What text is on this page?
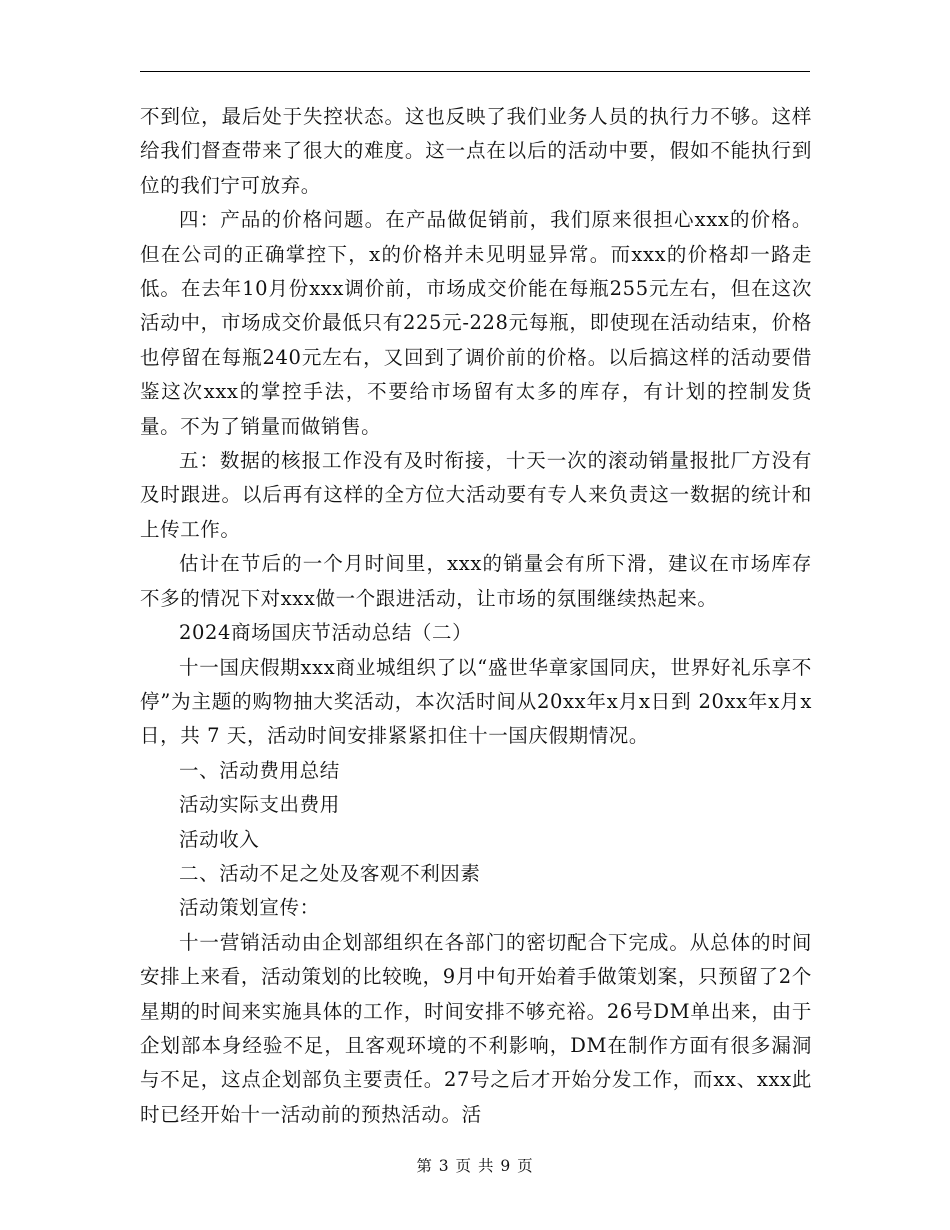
不到位，最后处于失控状态。这也反映了我们业务人员的执行力不够。这样给我们督查带来了很大的难度。这一点在以后的活动中要，假如不能执行到位的我们宁可放弃。

四：产品的价格问题。在产品做促销前，我们原来很担心xxx的价格。但在公司的正确掌控下，x的价格并未见明显异常。而xxx的价格却一路走低。在去年10月份xxx调价前，市场成交价能在每瓶255元左右，但在这次活动中，市场成交价最低只有225元-228元每瓶，即使现在活动结束，价格也停留在每瓶240元左右，又回到了调价前的价格。以后搞这样的活动要借鉴这次xxx的掌控手法，不要给市场留有太多的库存，有计划的控制发货量。不为了销量而做销售。

五：数据的核报工作没有及时衔接，十天一次的滚动销量报批厂方没有及时跟进。以后再有这样的全方位大活动要有专人来负责这一数据的统计和上传工作。

估计在节后的一个月时间里，xxx的销量会有所下滑，建议在市场库存不多的情况下对xxx做一个跟进活动，让市场的氛围继续热起来。

2024商场国庆节活动总结（二）

十一国庆假期xxx商业城组织了以“盛世华章家国同庆，世界好礼乐享不停”为主题的购物抽大奖活动，本次活时间从20xx年x月x日到 20xx年x月x日，共 7 天，活动时间安排紧紧扣住十一国庆假期情况。

一、活动费用总结

活动实际支出费用

活动收入

二、活动不足之处及客观不利因素

活动策划宣传：

十一营销活动由企划部组织在各部门的密切配合下完成。从总体的时间安排上来看，活动策划的比较晚，9月中旬开始着手做策划案，只预留了2个星期的时间来实施具体的工作，时间安排不够充裕。26号DM单出来，由于企划部本身经验不足，且客观环境的不利影响，DM在制作方面有很多漏洞与不足，这点企划部负主要责任。27号之后才开始分发工作，而xx、xxx此时已经开始十一活动前的预热活动。活

第 3 页 共 9 页
